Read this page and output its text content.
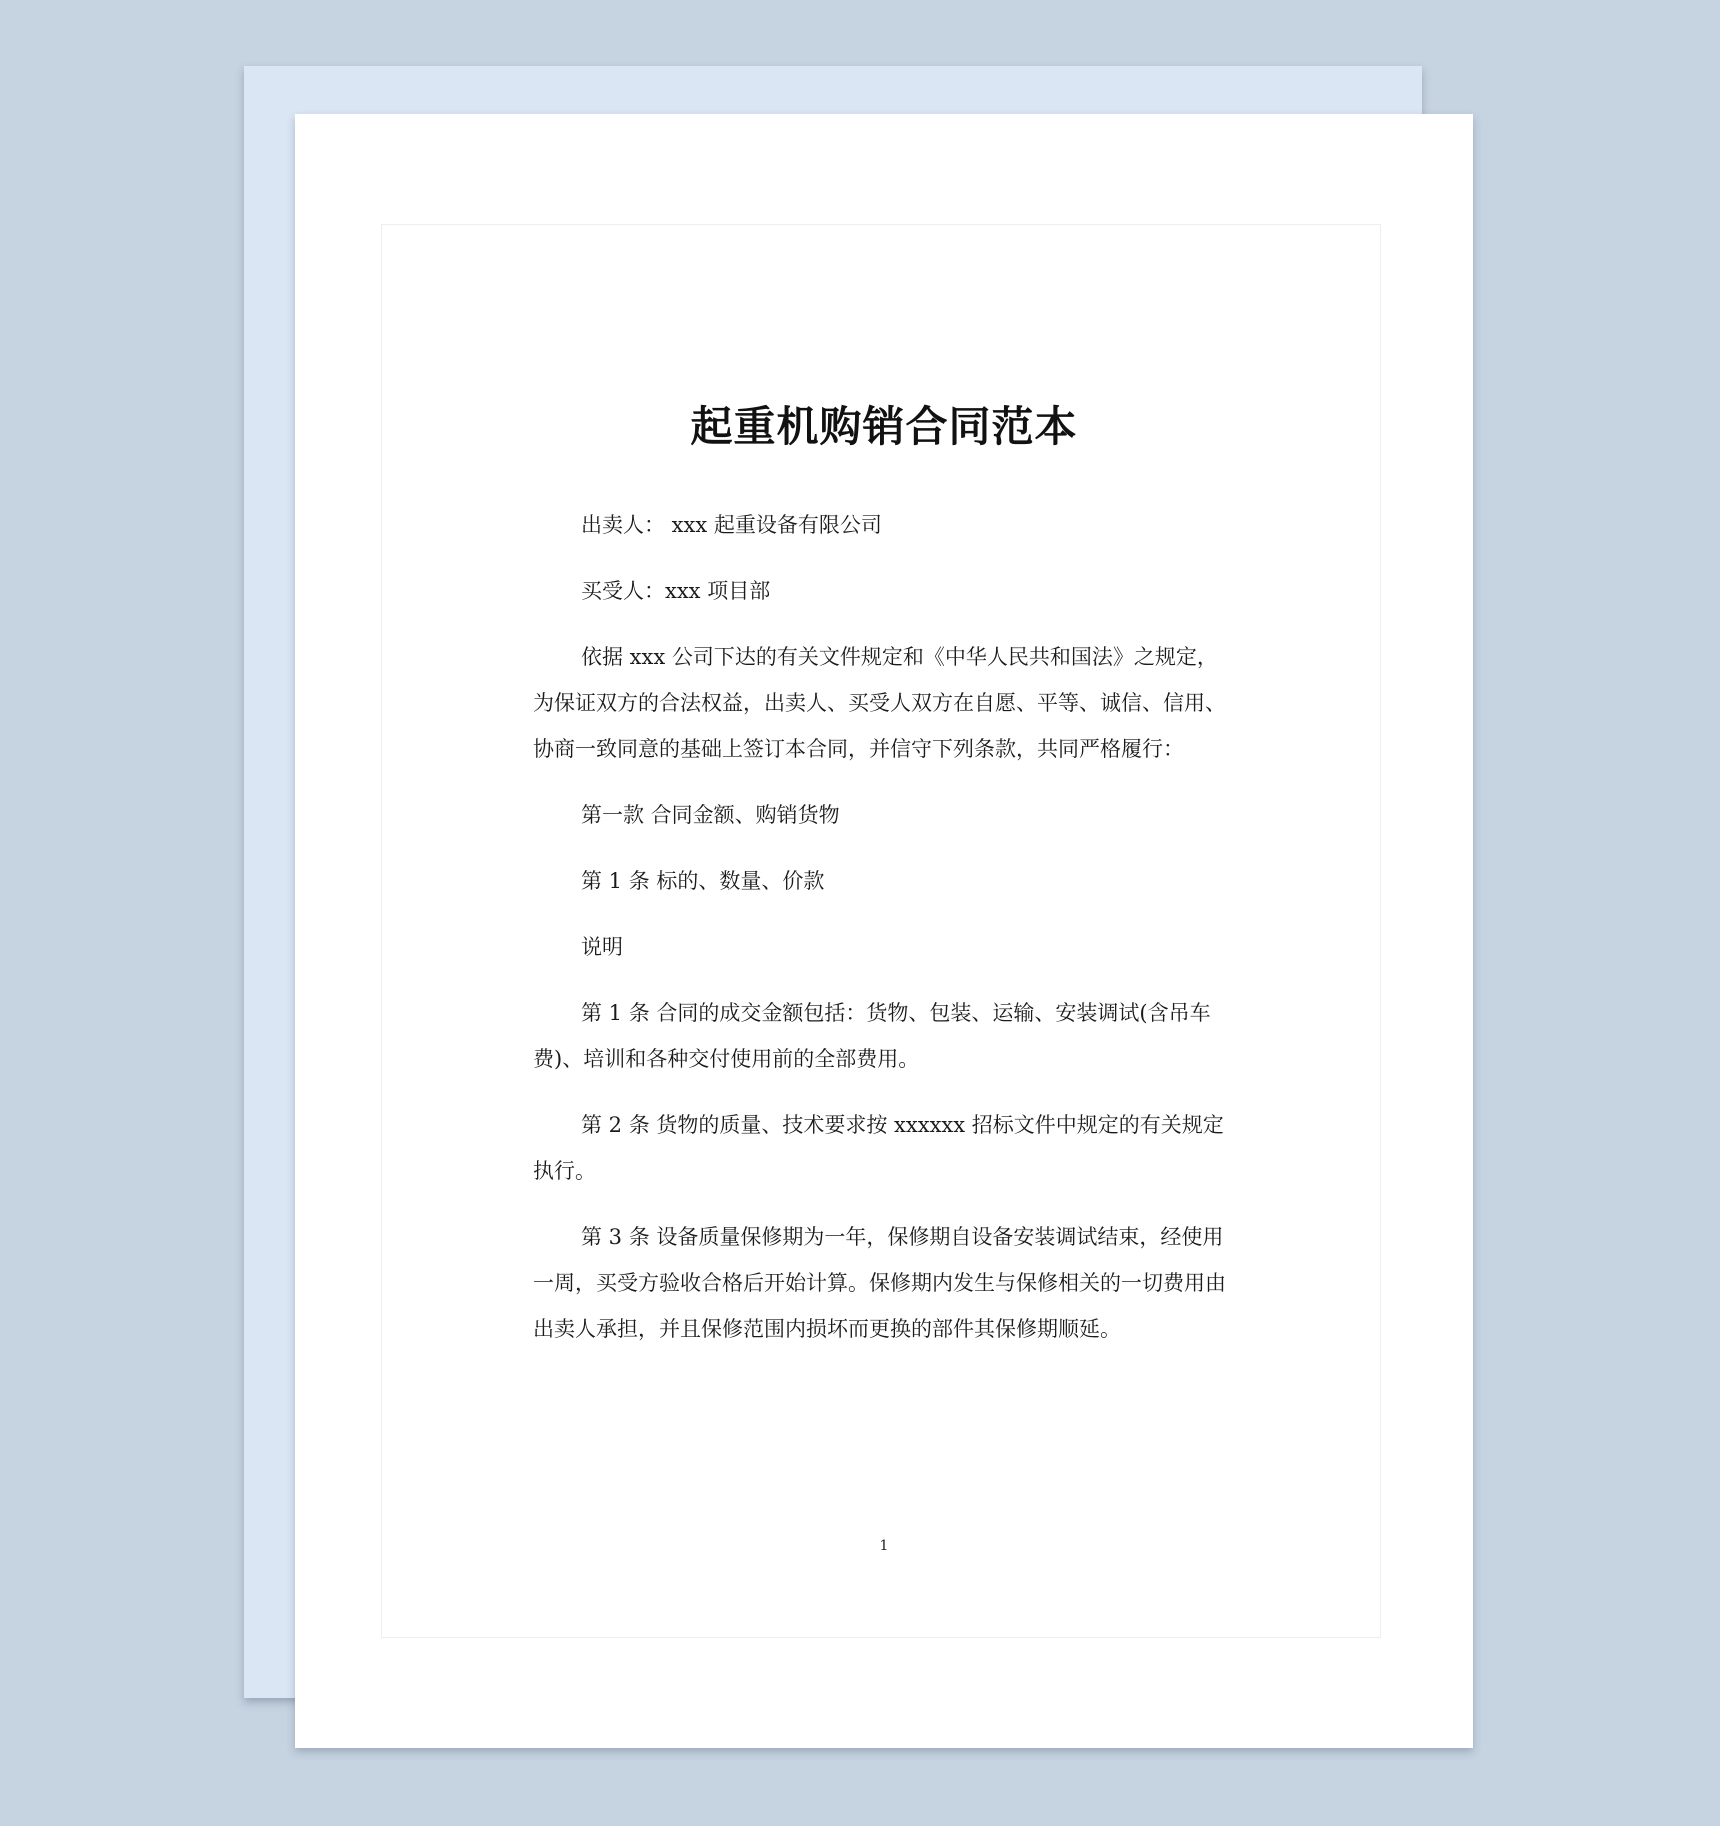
起重机购销合同范本

出卖人： xxx 起重设备有限公司

买受人：xxx 项目部

依据 xxx 公司下达的有关文件规定和《中华人民共和国法》之规定，为保证双方的合法权益，出卖人、买受人双方在自愿、平等、诚信、信用、协商一致同意的基础上签订本合同，并信守下列条款，共同严格履行：

第一款 合同金额、购销货物

第 1 条 标的、数量、价款

说明

第 1 条 合同的成交金额包括：货物、包装、运输、安装调试(含吊车费)、培训和各种交付使用前的全部费用。

第 2 条 货物的质量、技术要求按 xxxxxx 招标文件中规定的有关规定执行。

第 3 条 设备质量保修期为一年，保修期自设备安装调试结束，经使用一周，买受方验收合格后开始计算。保修期内发生与保修相关的一切费用由出卖人承担，并且保修范围内损坏而更换的部件其保修期顺延。

1
